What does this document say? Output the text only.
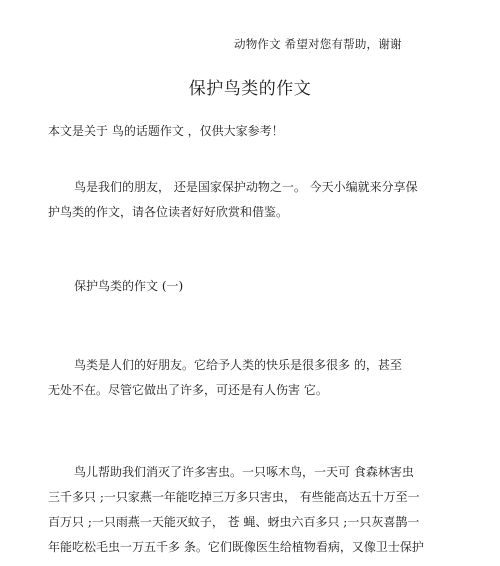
动物作文 希望对您有帮助，谢谢
保护鸟类的作文
本文是关于 鸟的话题作文 ，仅供大家参考！
鸟是我们的朋友， 还是国家保护动物之一。 今天小编就来分享保
护鸟类的作文，请各位读者好好欣赏和借鉴。
保护鸟类的作文 (一)
鸟类是人们的好朋友。它给予人类的快乐是很多很多 的，甚至
无处不在。尽管它做出了许多，可还是有人伤害 它。
鸟儿帮助我们消灭了许多害虫。一只啄木鸟，一天可 食森林害虫
三千多只 ;一只家燕一年能吃掉三万多只害虫， 有些能高达五十万至一
百万只 ;一只雨燕一天能灭蚊子， 苍 蝇、蚜虫六百多只 ;一只灰喜鹊一
年能吃松毛虫一万五千多 条。它们既像医生给植物看病，又像卫士保护
